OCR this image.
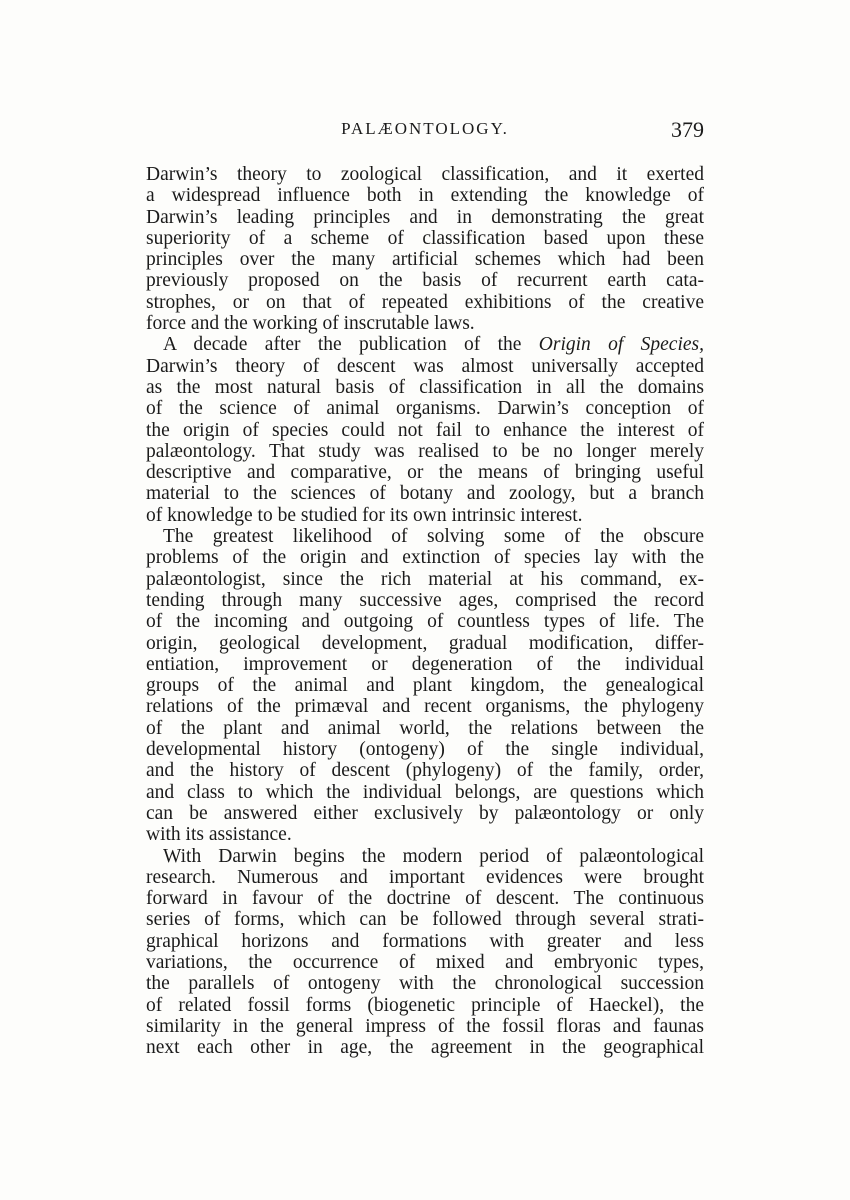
PALÆONTOLOGY.	379
Darwin’s theory to zoological classification, and it exerted
a widespread influence both in extending the knowledge of
Darwin’s leading principles and in demonstrating the great
superiority of a scheme of classification based upon these
principles over the many artificial schemes which had been
previously proposed on the basis of recurrent earth cata-
strophes, or on that of repeated exhibitions of the creative
force and the working of inscrutable laws.
A decade after the publication of the Origin of Species,
Darwin’s theory of descent was almost universally accepted
as the most natural basis of classification in all the domains
of the science of animal organisms. Darwin’s conception of
the origin of species could not fail to enhance the interest of
palæontology. That study was realised to be no longer merely
descriptive and comparative, or the means of bringing useful
material to the sciences of botany and zoology, but a branch
of knowledge to be studied for its own intrinsic interest.
The greatest likelihood of solving some of the obscure
problems of the origin and extinction of species lay with the
palæontologist, since the rich material at his command, ex-
tending through many successive ages, comprised the record
of the incoming and outgoing of countless types of life. The
origin, geological development, gradual modification, differ-
entiation, improvement or degeneration of the individual
groups of the animal and plant kingdom, the genealogical
relations of the primæval and recent organisms, the phylogeny
of the plant and animal world, the relations between the
developmental history (ontogeny) of the single individual,
and the history of descent (phylogeny) of the family, order,
and class to which the individual belongs, are questions which
can be answered either exclusively by palæontology or only
with its assistance.
With Darwin begins the modern period of palæontological
research. Numerous and important evidences were brought
forward in favour of the doctrine of descent. The continuous
series of forms, which can be followed through several strati-
graphical horizons and formations with greater and less
variations, the occurrence of mixed and embryonic types,
the parallels of ontogeny with the chronological succession
of related fossil forms (biogenetic principle of Haeckel), the
similarity in the general impress of the fossil floras and faunas
next each other in age, the agreement in the geographical
